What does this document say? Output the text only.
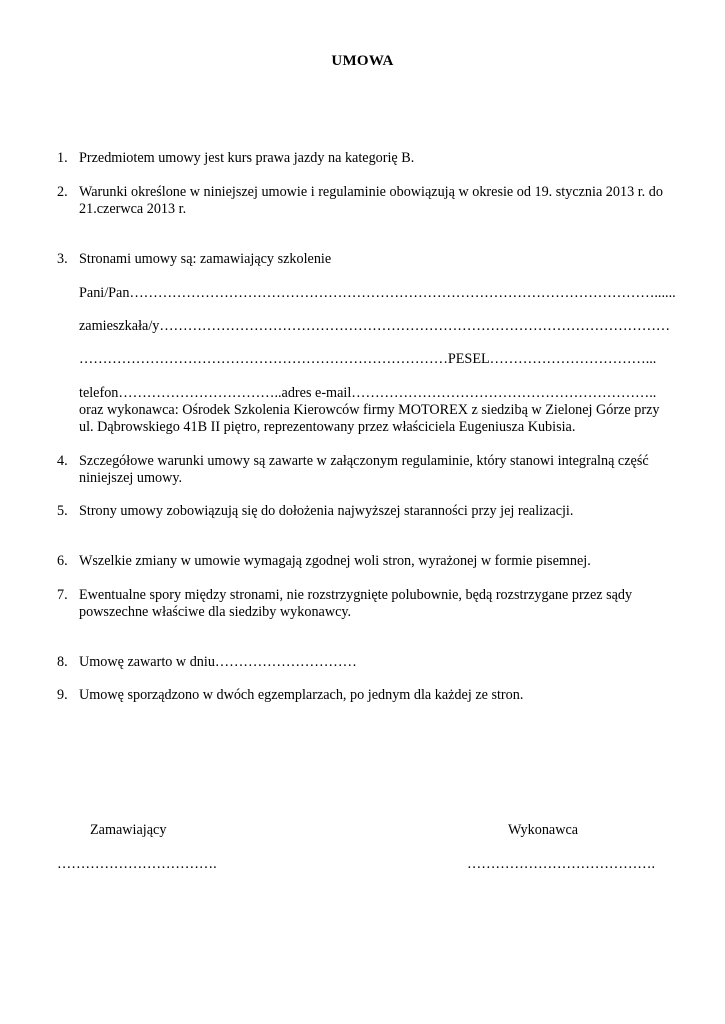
UMOWA
1. Przedmiotem umowy jest kurs prawa jazdy na kategorię B.
2. Warunki określone w niniejszej umowie i regulaminie obowiązują w okresie od 19. stycznia 2013 r. do
21.czerwca 2013 r.
3. Stronami umowy są: zamawiający szkolenie
Pani/Pan…………………………………………………………………………………………………......
zamieszkała/y………………………………………………………………………………………………
……………………………………………………………………PESEL……………………………...
telefon……………………………..adres e-mail………………………………………………………..
oraz wykonawca: Ośrodek Szkolenia Kierowców firmy MOTOREX z siedzibą w Zielonej Górze przy
ul. Dąbrowskiego 41B II piętro, reprezentowany przez właściciela Eugeniusza Kubisia.
4. Szczegółowe warunki umowy są zawarte w załączonym regulaminie, który stanowi integralną część
niniejszej umowy.
5. Strony umowy zobowiązują się do dołożenia najwyższej staranności przy jej realizacji.
6. Wszelkie zmiany w umowie wymagają zgodnej woli stron, wyrażonej w formie pisemnej.
7. Ewentualne spory między stronami, nie rozstrzygnięte polubownie, będą rozstrzygane przez sądy
powszechne właściwe dla siedziby wykonawcy.
8. Umowę zawarto w dniu…………………………
9. Umowę sporządzono w dwóch egzemplarzach, po jednym dla każdej ze stron.
Zamawiający	Wykonawca
…………………………….	………………………………….
